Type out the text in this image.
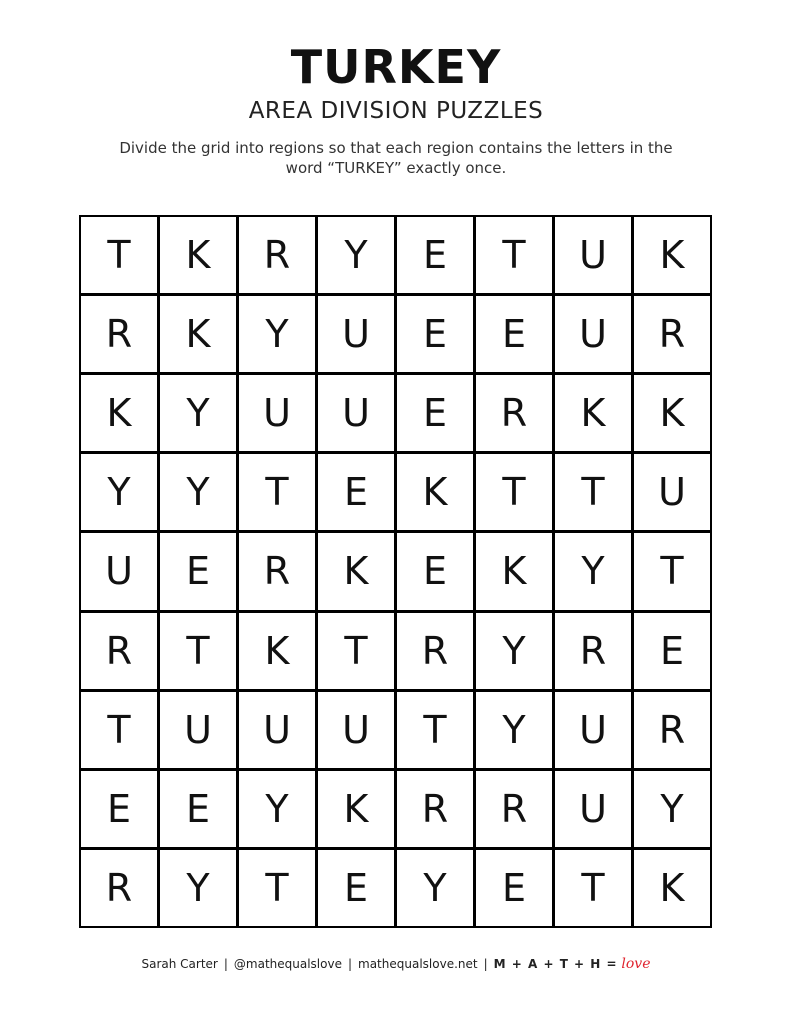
TURKEY
AREA DIVISION PUZZLES
Divide the grid into regions so that each region contains the letters in the word “TURKEY” exactly once.
T	K	R	Y	E	T	U	K
R	K	Y	U	E	E	U	R
K	Y	U	U	E	R	K	K
Y	Y	T	E	K	T	T	U
U	E	R	K	E	K	Y	T
R	T	K	T	R	Y	R	E
T	U	U	U	T	Y	U	R
E	E	Y	K	R	R	U	Y
R	Y	T	E	Y	E	T	K
Sarah Carter | @mathequalslove | mathequalslove.net | M + A + T + H = love
